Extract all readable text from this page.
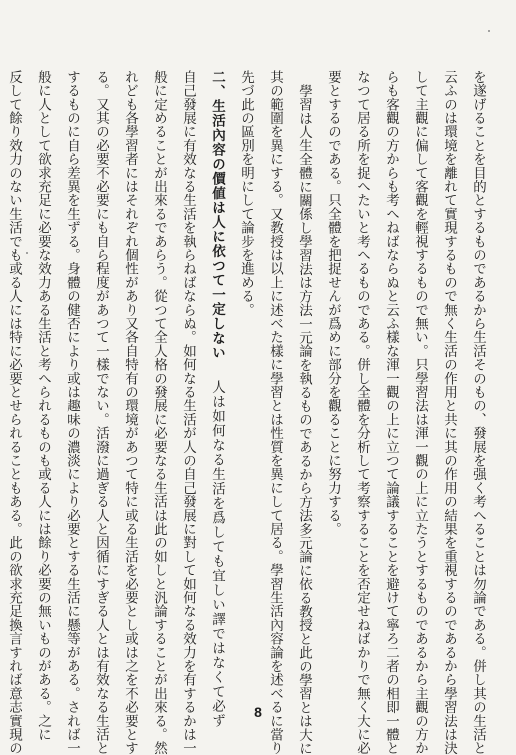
を遂げることを目的とするものであるから生活そのもの、發展を强く考へることは勿論である。併し其の生活と
云ふのは環境を離れて實現するもので無く生活の作用と共に其の作用の結果を重視するのであるから學習法は決
して主觀に偏して客觀を輕視するもので無い。只學習法は渾一觀の上に立たうとするものであるから主觀の方か
らも客觀の方からも考へねばならぬと云ふ樣な渾一觀の上に立つて論議することを避けて寧ろ二者の相即一體と
なつて居る所を捉へたいと考へるものである。併し全體を分析して考察することを否定せねばかりで無く大に必
要とするのである。只全體を把捉せんが爲めに部分を觀ることに努力する。
學習は人生全體に關係し學習法は方法一元論を執るものであるから方法多元論に依る教授と此の學習とは大に
其の範圍を異にする。又教授は以上に述べた樣に學習とは性質を異にして居る。學習生活內容論を述べるに當り
先づ此の區別を明にして論步を進める。
二、生活內容の價値は人に依つて一定しない　 人は如何なる生活を爲しても宜しい譯ではなくて必ず
自己發展に有效なる生活を執らねばならぬ。如何なる生活が人の自己發展に對して如何なる效力を有するかは一
般に定めることが出來るであらう。從つて全人格の發展に必要なる生活は此の如しと汎論することが出來る。然
れども各學習者にはそれぞれ個性があり又各自特有の環境があつて特に或る生活を必要とし或は之を不必要とす
る。又其の必要不必要にも自ら程度があつて一樣でない。活潑に過ぎる人と因循にすぎる人とは有效なる生活と
するものに自ら差異を生ずる。身體の健否により或は趣味の濃淡により必要とする生活に懸等がある。されば一
般に人として欲求充足に必要な效力ある生活と考へられるものも或る人には餘り必要の無いものがある。之に
反して餘り效力のない生活でも或る人には特に必要とせられることもある。此の欲求充足換言すれば意志實現の	8
